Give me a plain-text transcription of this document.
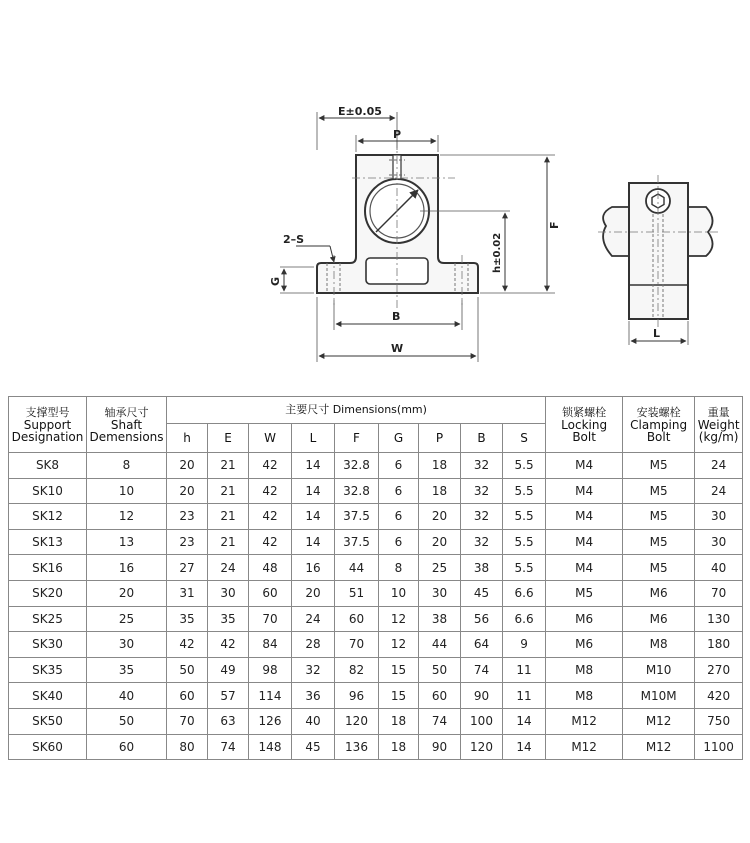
E±0.05
P
2–S
B
W
F
h±0.02
G
L
支撑型号
Support
Designation	轴承尺寸
Shaft
Demensions	主要尺寸 Dimensions(mm)									锁紧螺栓
Locking
Bolt	安装螺栓
Clamping
Bolt	重量
Weight
(kg/m)

		h	E	W	L	F	G	P	B	S			
SK8	8	20	21	42	14	32.8	6	18	32	5.5	M4	M5	24
SK10	10	20	21	42	14	32.8	6	18	32	5.5	M4	M5	24
SK12	12	23	21	42	14	37.5	6	20	32	5.5	M4	M5	30
SK13	13	23	21	42	14	37.5	6	20	32	5.5	M4	M5	30
SK16	16	27	24	48	16	44	8	25	38	5.5	M4	M5	40
SK20	20	31	30	60	20	51	10	30	45	6.6	M5	M6	70
SK25	25	35	35	70	24	60	12	38	56	6.6	M6	M6	130
SK30	30	42	42	84	28	70	12	44	64	9	M6	M8	180
SK35	35	50	49	98	32	82	15	50	74	11	M8	M10	270
SK40	40	60	57	114	36	96	15	60	90	11	M8	M10M	420
SK50	50	70	63	126	40	120	18	74	100	14	M12	M12	750
SK60	60	80	74	148	45	136	18	90	120	14	M12	M12	1100
